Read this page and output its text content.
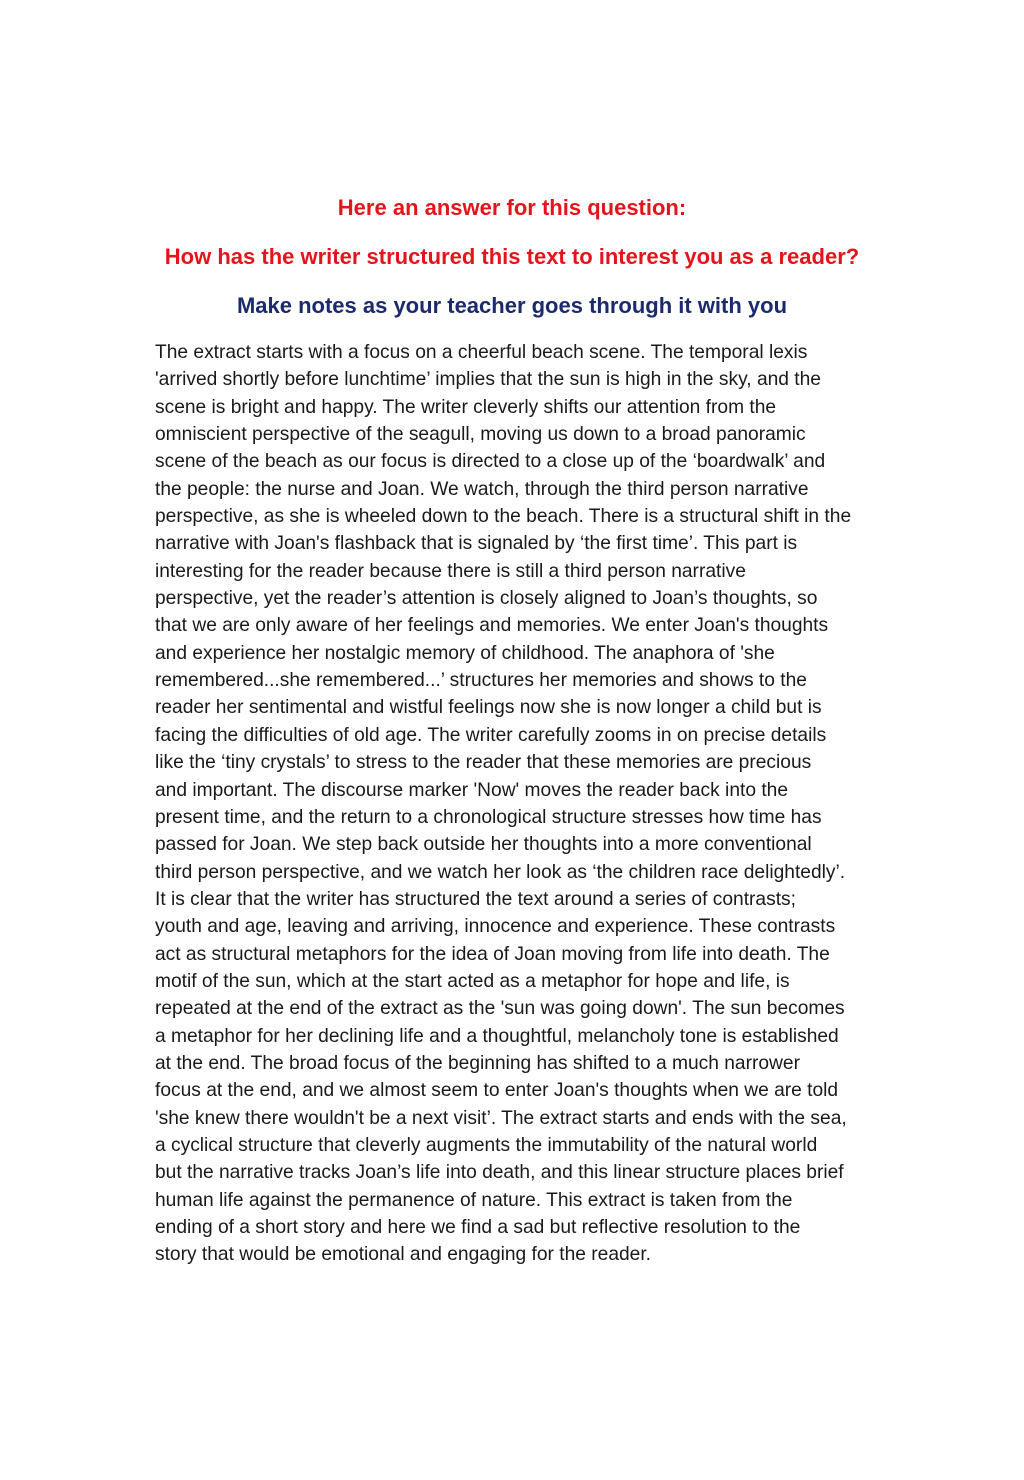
Here an answer for this question:

How has the writer structured this text to interest you as a reader?

Make notes as your teacher goes through it with you

The extract starts with a focus on a cheerful beach scene. The temporal lexis
'arrived shortly before lunchtime’ implies that the sun is high in the sky, and the
scene is bright and happy. The writer cleverly shifts our attention from the
omniscient perspective of the seagull, moving us down to a broad panoramic
scene of the beach as our focus is directed to a close up of the ‘boardwalk’ and
the people: the nurse and Joan. We watch, through the third person narrative
perspective, as she is wheeled down to the beach. There is a structural shift in the
narrative with Joan's flashback that is signaled by ‘the first time’. This part is
interesting for the reader because there is still a third person narrative
perspective, yet the reader’s attention is closely aligned to Joan’s thoughts, so
that we are only aware of her feelings and memories. We enter Joan's thoughts
and experience her nostalgic memory of childhood. The anaphora of 'she
remembered...she remembered...’ structures her memories and shows to the
reader her sentimental and wistful feelings now she is now longer a child but is
facing the difficulties of old age. The writer carefully zooms in on precise details
like the ‘tiny crystals’ to stress to the reader that these memories are precious
and important. The discourse marker 'Now' moves the reader back into the
present time, and the return to a chronological structure stresses how time has
passed for Joan. We step back outside her thoughts into a more conventional
third person perspective, and we watch her look as ‘the children race delightedly’.
It is clear that the writer has structured the text around a series of contrasts;
youth and age, leaving and arriving, innocence and experience. These contrasts
act as structural metaphors for the idea of Joan moving from life into death. The
motif of the sun, which at the start acted as a metaphor for hope and life, is
repeated at the end of the extract as the 'sun was going down'. The sun becomes
a metaphor for her declining life and a thoughtful, melancholy tone is established
at the end. The broad focus of the beginning has shifted to a much narrower
focus at the end, and we almost seem to enter Joan's thoughts when we are told
'she knew there wouldn't be a next visit’. The extract starts and ends with the sea,
a cyclical structure that cleverly augments the immutability of the natural world
but the narrative tracks Joan’s life into death, and this linear structure places brief
human life against the permanence of nature. This extract is taken from the
ending of a short story and here we find a sad but reflective resolution to the
story that would be emotional and engaging for the reader.
